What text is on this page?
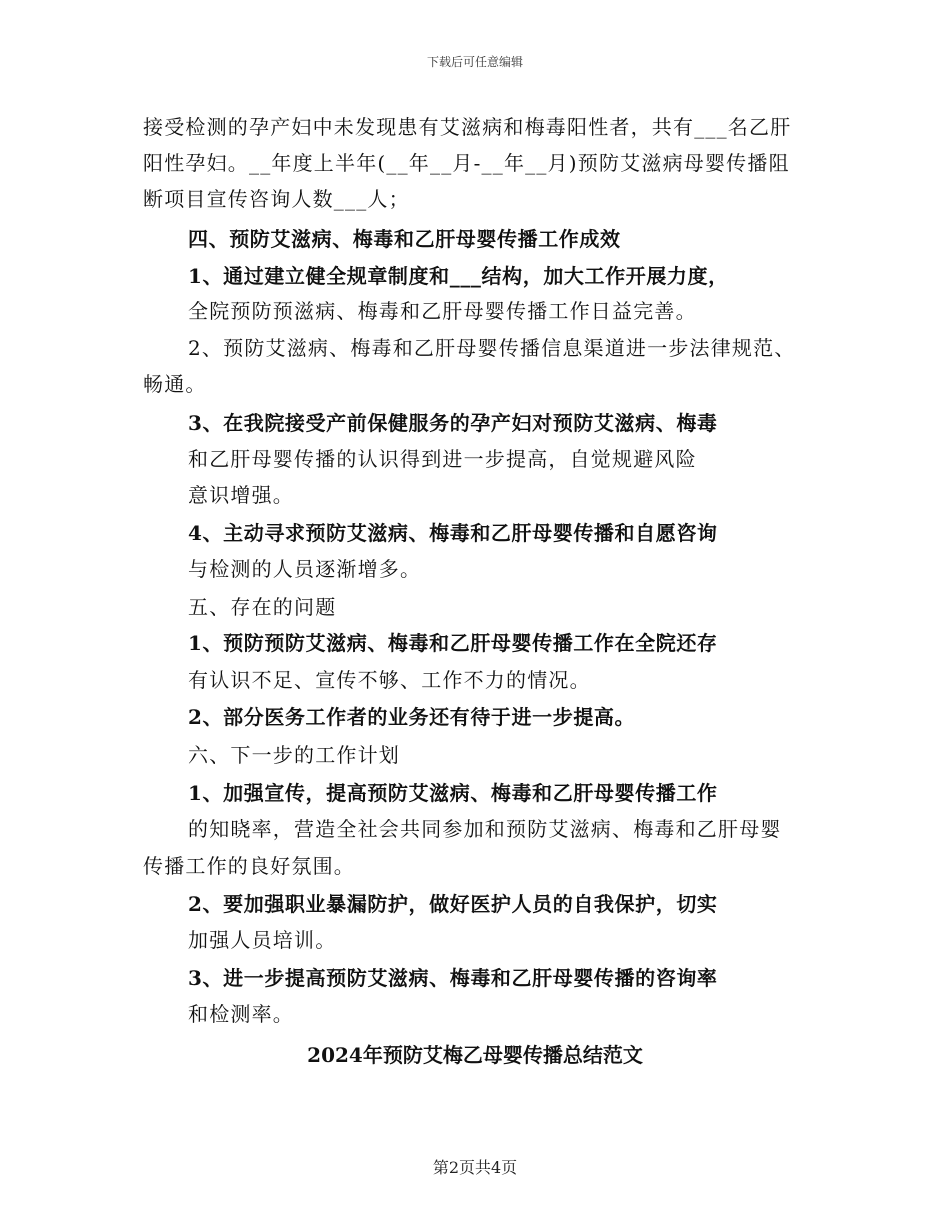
下载后可任意编辑
接受检测的孕产妇中未发现患有艾滋病和梅毒阳性者，共有___名乙肝
阳性孕妇。__年度上半年(__年__月-__年__月)预防艾滋病母婴传播阻
断项目宣传咨询人数___人；
四、预防艾滋病、梅毒和乙肝母婴传播工作成效
1、通过建立健全规章制度和___结构，加大工作开展力度，
全院预防预滋病、梅毒和乙肝母婴传播工作日益完善。
2、预防艾滋病、梅毒和乙肝母婴传播信息渠道进一步法律规范、
畅通。
3、在我院接受产前保健服务的孕产妇对预防艾滋病、梅毒
和乙肝母婴传播的认识得到进一步提高，自觉规避风险
意识增强。
4、主动寻求预防艾滋病、梅毒和乙肝母婴传播和自愿咨询
与检测的人员逐渐增多。
五、存在的问题
1、预防预防艾滋病、梅毒和乙肝母婴传播工作在全院还存
有认识不足、宣传不够、工作不力的情况。
2、部分医务工作者的业务还有待于进一步提高。
六、下一步的工作计划
1、加强宣传，提高预防艾滋病、梅毒和乙肝母婴传播工作
的知晓率，营造全社会共同参加和预防艾滋病、梅毒和乙肝母婴
传播工作的良好氛围。
2、要加强职业暴漏防护，做好医护人员的自我保护，切实
加强人员培训。
3、进一步提高预防艾滋病、梅毒和乙肝母婴传播的咨询率
和检测率。
2024年预防艾梅乙母婴传播总结范文
第2页共4页
